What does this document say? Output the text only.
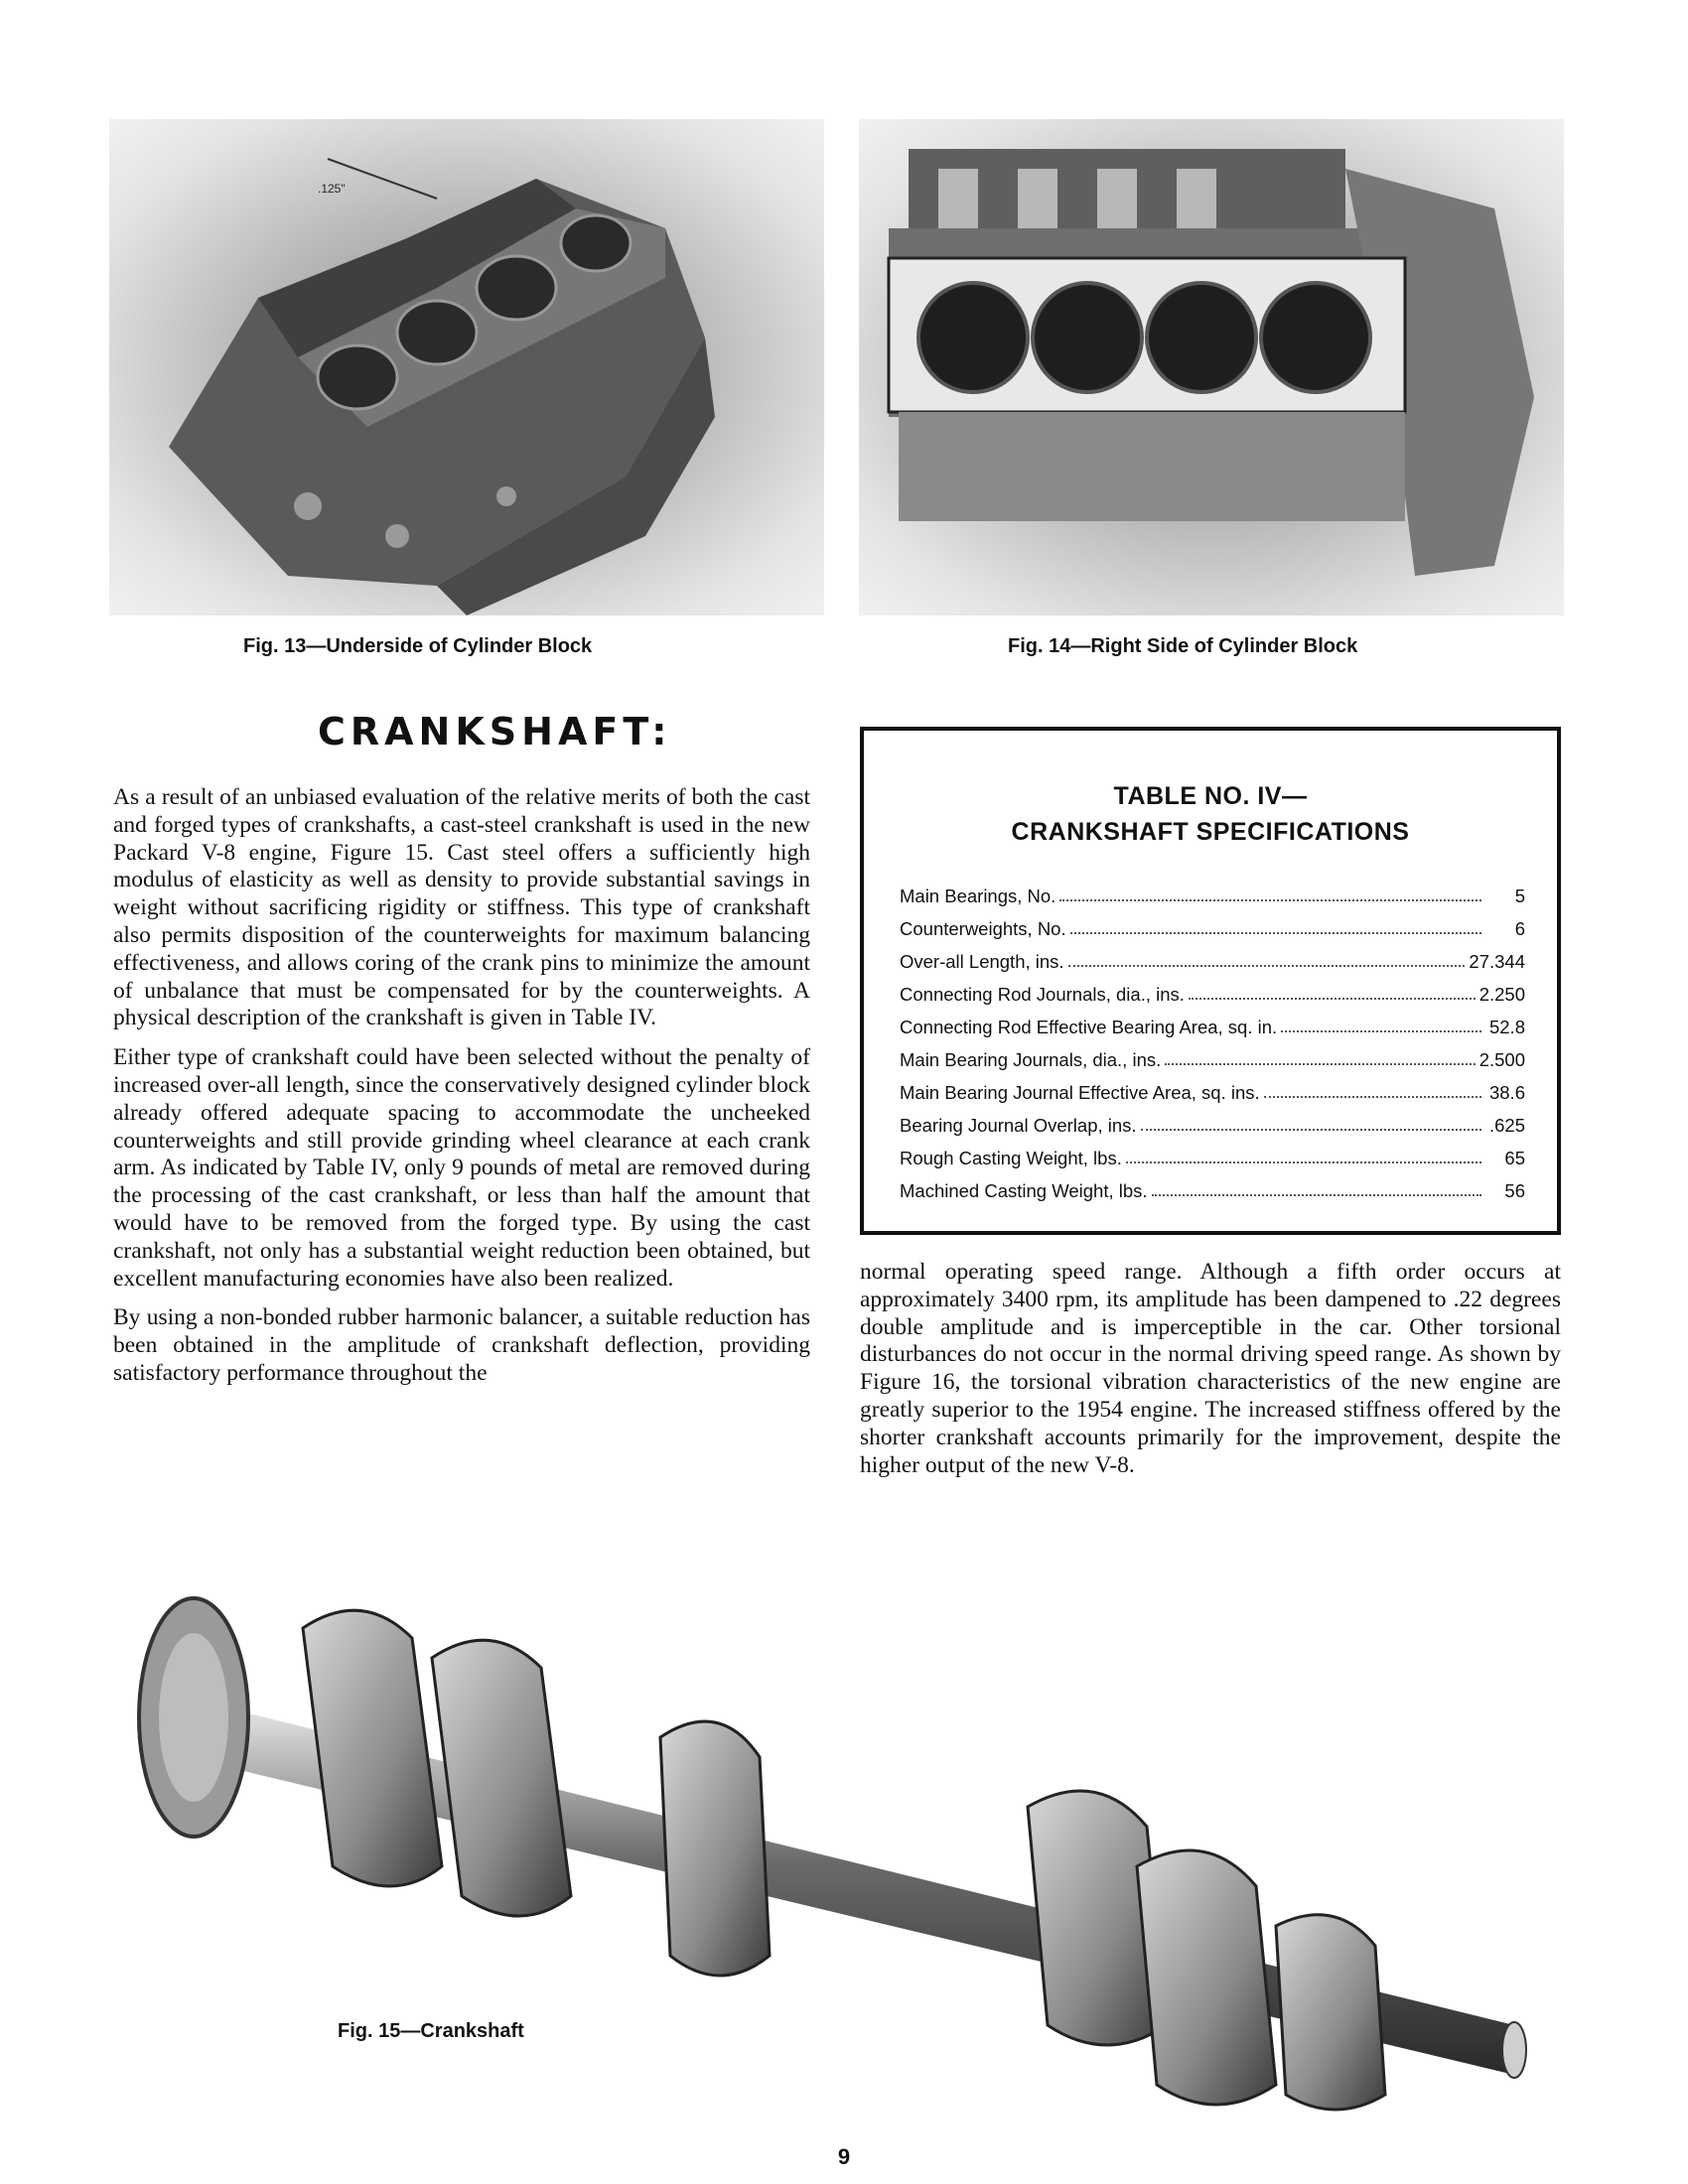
.125"
Fig. 13—Underside of Cylinder Block	Fig. 14—Right Side of Cylinder Block
CRANKSHAFT:

As a result of an unbiased evaluation of the relative merits of both the cast and forged types of crankshafts, a cast-steel crankshaft is used in the new Packard V-8 engine, Figure 15. Cast steel offers a sufficiently high modulus of elasticity as well as density to provide substantial savings in weight without sacrificing rigidity or stiffness. This type of crankshaft also permits disposition of the counterweights for maximum balancing effectiveness, and allows coring of the crank pins to minimize the amount of unbalance that must be compensated for by the counterweights. A physical description of the crankshaft is given in Table IV.

Either type of crankshaft could have been selected without the penalty of increased over-all length, since the conservatively designed cylinder block already offered adequate spacing to accommodate the uncheeked counterweights and still provide grinding wheel clearance at each crank arm. As indicated by Table IV, only 9 pounds of metal are removed during the processing of the cast crankshaft, or less than half the amount that would have to be removed from the forged type. By using the cast crankshaft, not only has a substantial weight reduction been obtained, but excellent manufacturing economies have also been realized.

By using a non-bonded rubber harmonic balancer, a suitable reduction has been obtained in the amplitude of crankshaft deflection, providing satisfactory performance throughout the

TABLE NO. IV—
CRANKSHAFT SPECIFICATIONS
Main Bearings, No.	5
Counterweights, No.	6
Over-all Length, ins.	27.344
Connecting Rod Journals, dia., ins.	2.250
Connecting Rod Effective Bearing Area, sq. in.	52.8
Main Bearing Journals, dia., ins.	2.500
Main Bearing Journal Effective Area, sq. ins.	38.6
Bearing Journal Overlap, ins.	.625
Rough Casting Weight, lbs.	65
Machined Casting Weight, lbs.	56

normal operating speed range. Although a fifth order occurs at approximately 3400 rpm, its amplitude has been dampened to .22 degrees double amplitude and is imperceptible in the car. Other torsional disturbances do not occur in the normal driving speed range. As shown by Figure 16, the torsional vibration characteristics of the new engine are greatly superior to the 1954 engine. The increased stiffness offered by the shorter crankshaft accounts primarily for the improvement, despite the higher output of the new V-8.

Fig. 15—Crankshaft
9
